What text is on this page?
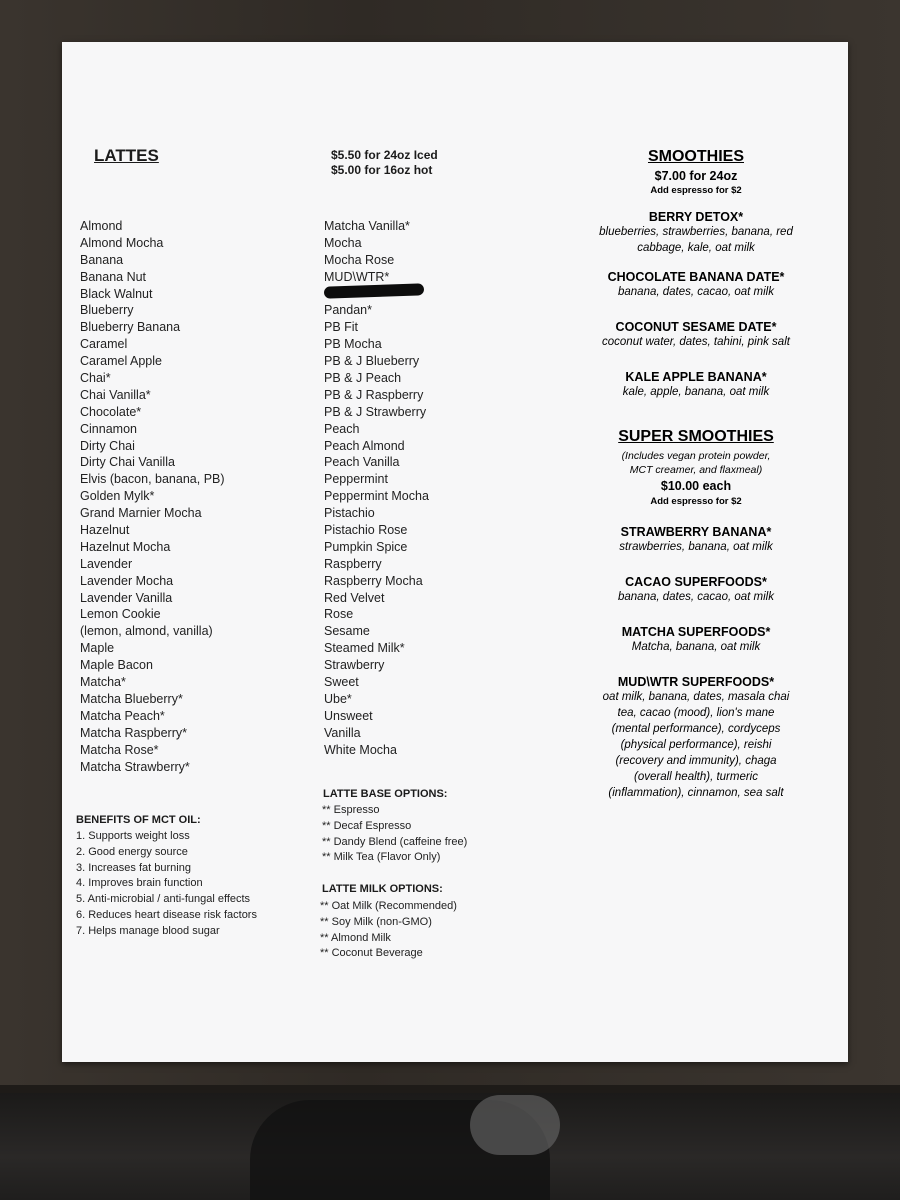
LATTES	$5.50 for 24oz Iced
$5.00 for 16oz hot
Almond
Almond Mocha
Banana
Banana Nut
Black Walnut
Blueberry
Blueberry Banana
Caramel
Caramel Apple
Chai*
Chai Vanilla*
Chocolate*
Cinnamon
Dirty Chai
Dirty Chai Vanilla
Elvis (bacon, banana, PB)
Golden Mylk*
Grand Marnier Mocha
Hazelnut
Hazelnut Mocha
Lavender
Lavender Mocha
Lavender Vanilla
Lemon Cookie
(lemon, almond, vanilla)
Maple
Maple Bacon
Matcha*
Matcha Blueberry*
Matcha Peach*
Matcha Raspberry*
Matcha Rose*
Matcha Strawberry*
Matcha Vanilla*
Mocha
Mocha Rose
MUD\WTR*
Pandan*
PB Fit
PB Mocha
PB & J Blueberry
PB & J Peach
PB & J Raspberry
PB & J Strawberry
Peach
Peach Almond
Peach Vanilla
Peppermint
Peppermint Mocha
Pistachio
Pistachio Rose
Pumpkin Spice
Raspberry
Raspberry Mocha
Red Velvet
Rose
Sesame
Steamed Milk*
Strawberry
Sweet
Ube*
Unsweet
Vanilla
White Mocha
BENEFITS OF MCT OIL:
1. Supports weight loss
2. Good energy source
3. Increases fat burning
4. Improves brain function
5. Anti-microbial / anti-fungal effects
6. Reduces heart disease risk factors
7. Helps manage blood sugar
LATTE BASE OPTIONS:
** Espresso
** Decaf Espresso
** Dandy Blend (caffeine free)
** Milk Tea (Flavor Only)
LATTE MILK OPTIONS:
** Oat Milk (Recommended)
** Soy Milk (non-GMO)
** Almond Milk
** Coconut Beverage
SMOOTHIES
$7.00 for 24oz
Add espresso for $2
BERRY DETOX*
blueberries, strawberries, banana, red
cabbage, kale, oat milk
CHOCOLATE BANANA DATE*
banana, dates, cacao, oat milk
COCONUT SESAME DATE*
coconut water, dates, tahini, pink salt
KALE APPLE BANANA*
kale, apple, banana, oat milk
SUPER SMOOTHIES
(Includes vegan protein powder,
MCT creamer, and flaxmeal)
$10.00 each
Add espresso for $2
STRAWBERRY BANANA*
strawberries, banana, oat milk
CACAO SUPERFOODS*
banana, dates, cacao, oat milk
MATCHA SUPERFOODS*
Matcha, banana, oat milk
MUD\WTR SUPERFOODS*
oat milk, banana, dates, masala chai
tea, cacao (mood), lion's mane
(mental performance), cordyceps
(physical performance), reishi
(recovery and immunity), chaga
(overall health), turmeric
(inflammation), cinnamon, sea salt
